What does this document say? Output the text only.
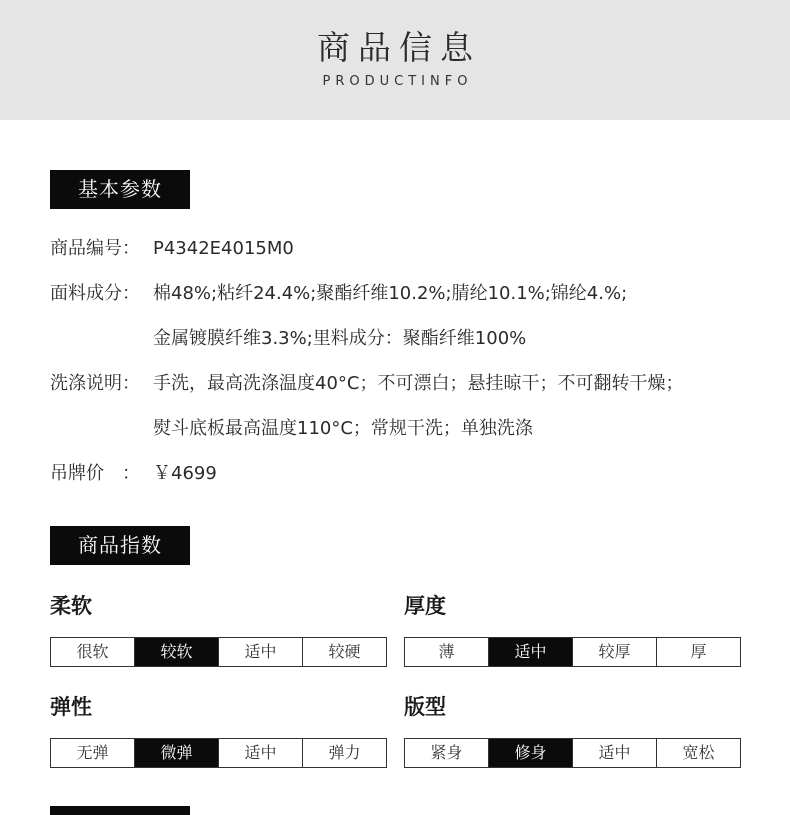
商品信息
PRODUCTINFO
基本参数
商品编号： P4342E4015M0
面料成分： 棉48%;粘纤24.4%;聚酯纤维10.2%;腈纶10.1%;锦纶4.%;
金属镀膜纤维3.3%;里料成分：聚酯纤维100%
洗涤说明： 手洗，最高洗涤温度40°C；不可漂白；悬挂晾干；不可翻转干燥；
熨斗底板最高温度110°C；常规干洗；单独洗涤
吊牌价　： ￥4699
商品指数
柔软
很软	较软	适中	较硬
厚度
薄	适中	较厚	厚
弹性
无弹	微弹	适中	弹力
版型
紧身	修身	适中	宽松
